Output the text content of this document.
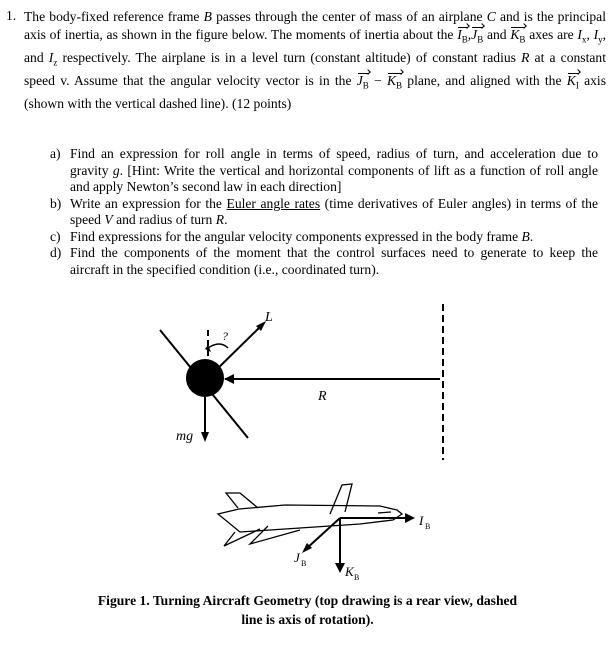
1. The body-fixed reference frame B passes through the center of mass of an airplane C and is the principal axis of inertia, as shown in the figure below. The moments of inertia about the $I_B,J_B$ and $K_B$ axes are $I_x$, $I_y$, and $I_z$ respectively. The airplane is in a level turn (constant altitude) of constant radius R at a constant speed v. Assume that the angular velocity vector is in the $J_B - K_B$ plane, and aligned with the $K_I$ axis (shown with the vertical dashed line). (12 points)
a) Find an expression for roll angle in terms of speed, radius of turn, and acceleration due to gravity g. [Hint: Write the vertical and horizontal components of lift as a function of roll angle and apply Newton’s second law in each direction]
b) Write an expression for the Euler angle rates (time derivatives of Euler angles) in terms of the speed V and radius of turn R.
c) Find expressions for the angular velocity components expressed in the body frame B.
d) Find the components of the moment that the control surfaces need to generate to keep the aircraft in the specified condition (i.e., coordinated turn).
?
L
R
mg
I B
J B
K B
Figure 1. Turning Aircraft Geometry (top drawing is a rear view, dashed
line is axis of rotation).
